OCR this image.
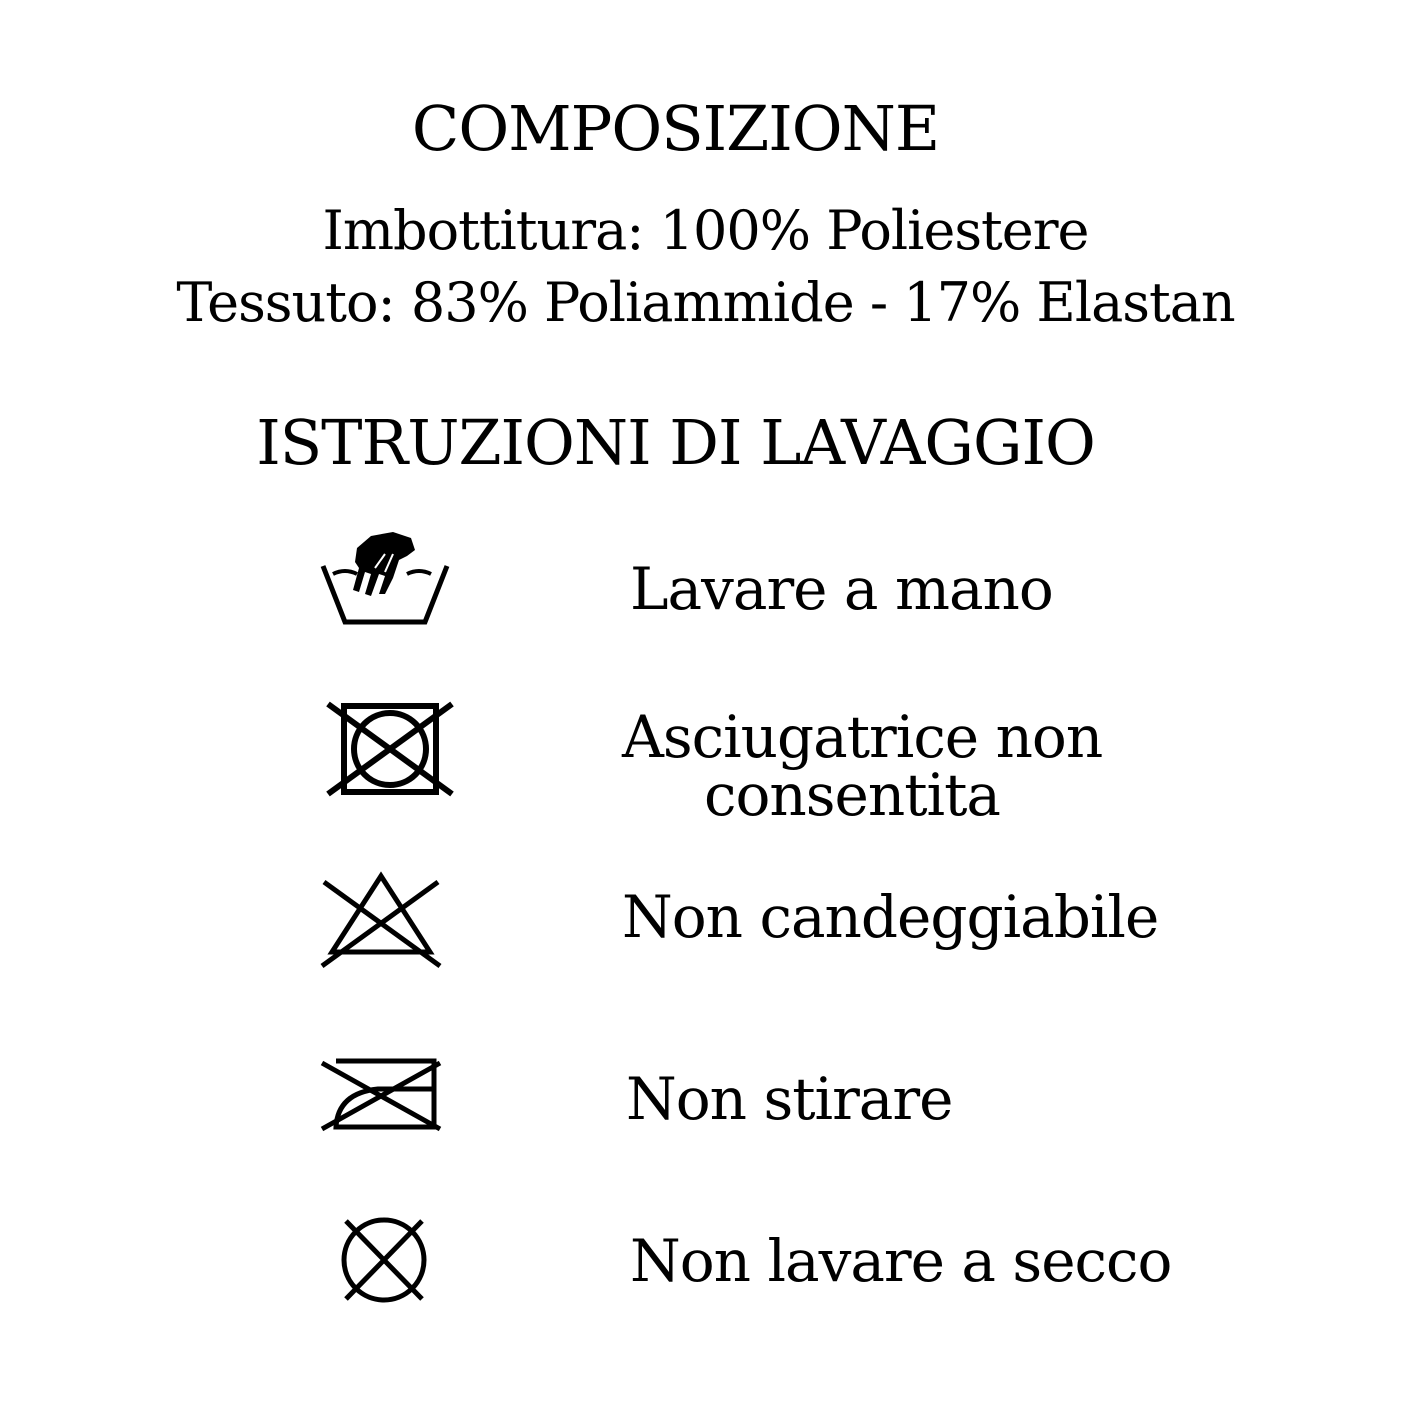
COMPOSIZIONE
Imbottitura: 100% Poliestere
Tessuto: 83% Poliammide - 17% Elastan
ISTRUZIONI DI LAVAGGIO
Lavare a mano
Asciugatrice non
consentita
Non candeggiabile
Non stirare
Non lavare a secco
